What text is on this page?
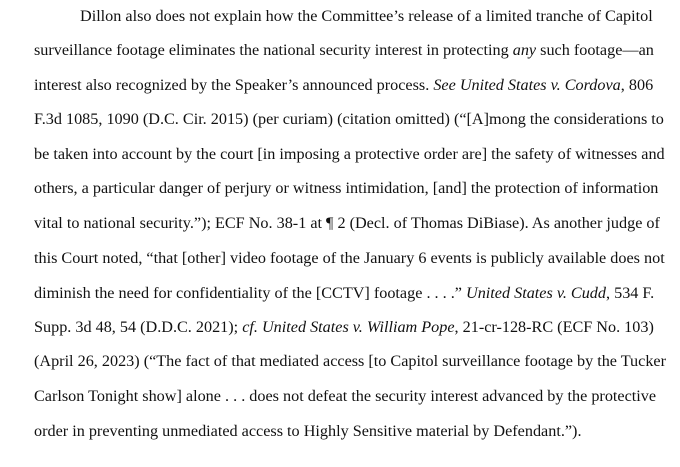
Dillon also does not explain how the Committee’s release of a limited tranche of Capitol
surveillance footage eliminates the national security interest in protecting any such footage—an
interest also recognized by the Speaker’s announced process. See United States v. Cordova, 806
F.3d 1085, 1090 (D.C. Cir. 2015) (per curiam) (citation omitted) (“[A]mong the considerations to
be taken into account by the court [in imposing a protective order are] the safety of witnesses and
others, a particular danger of perjury or witness intimidation, [and] the protection of information
vital to national security.”); ECF No. 38-1 at ¶ 2 (Decl. of Thomas DiBiase). As another judge of
this Court noted, “that [other] video footage of the January 6 events is publicly available does not
diminish the need for confidentiality of the [CCTV] footage . . . .” United States v. Cudd, 534 F.
Supp. 3d 48, 54 (D.D.C. 2021); cf. United States v. William Pope, 21-cr-128-RC (ECF No. 103)
(April 26, 2023) (“The fact of that mediated access [to Capitol surveillance footage by the Tucker
Carlson Tonight show] alone . . . does not defeat the security interest advanced by the protective
order in preventing unmediated access to Highly Sensitive material by Defendant.”).
